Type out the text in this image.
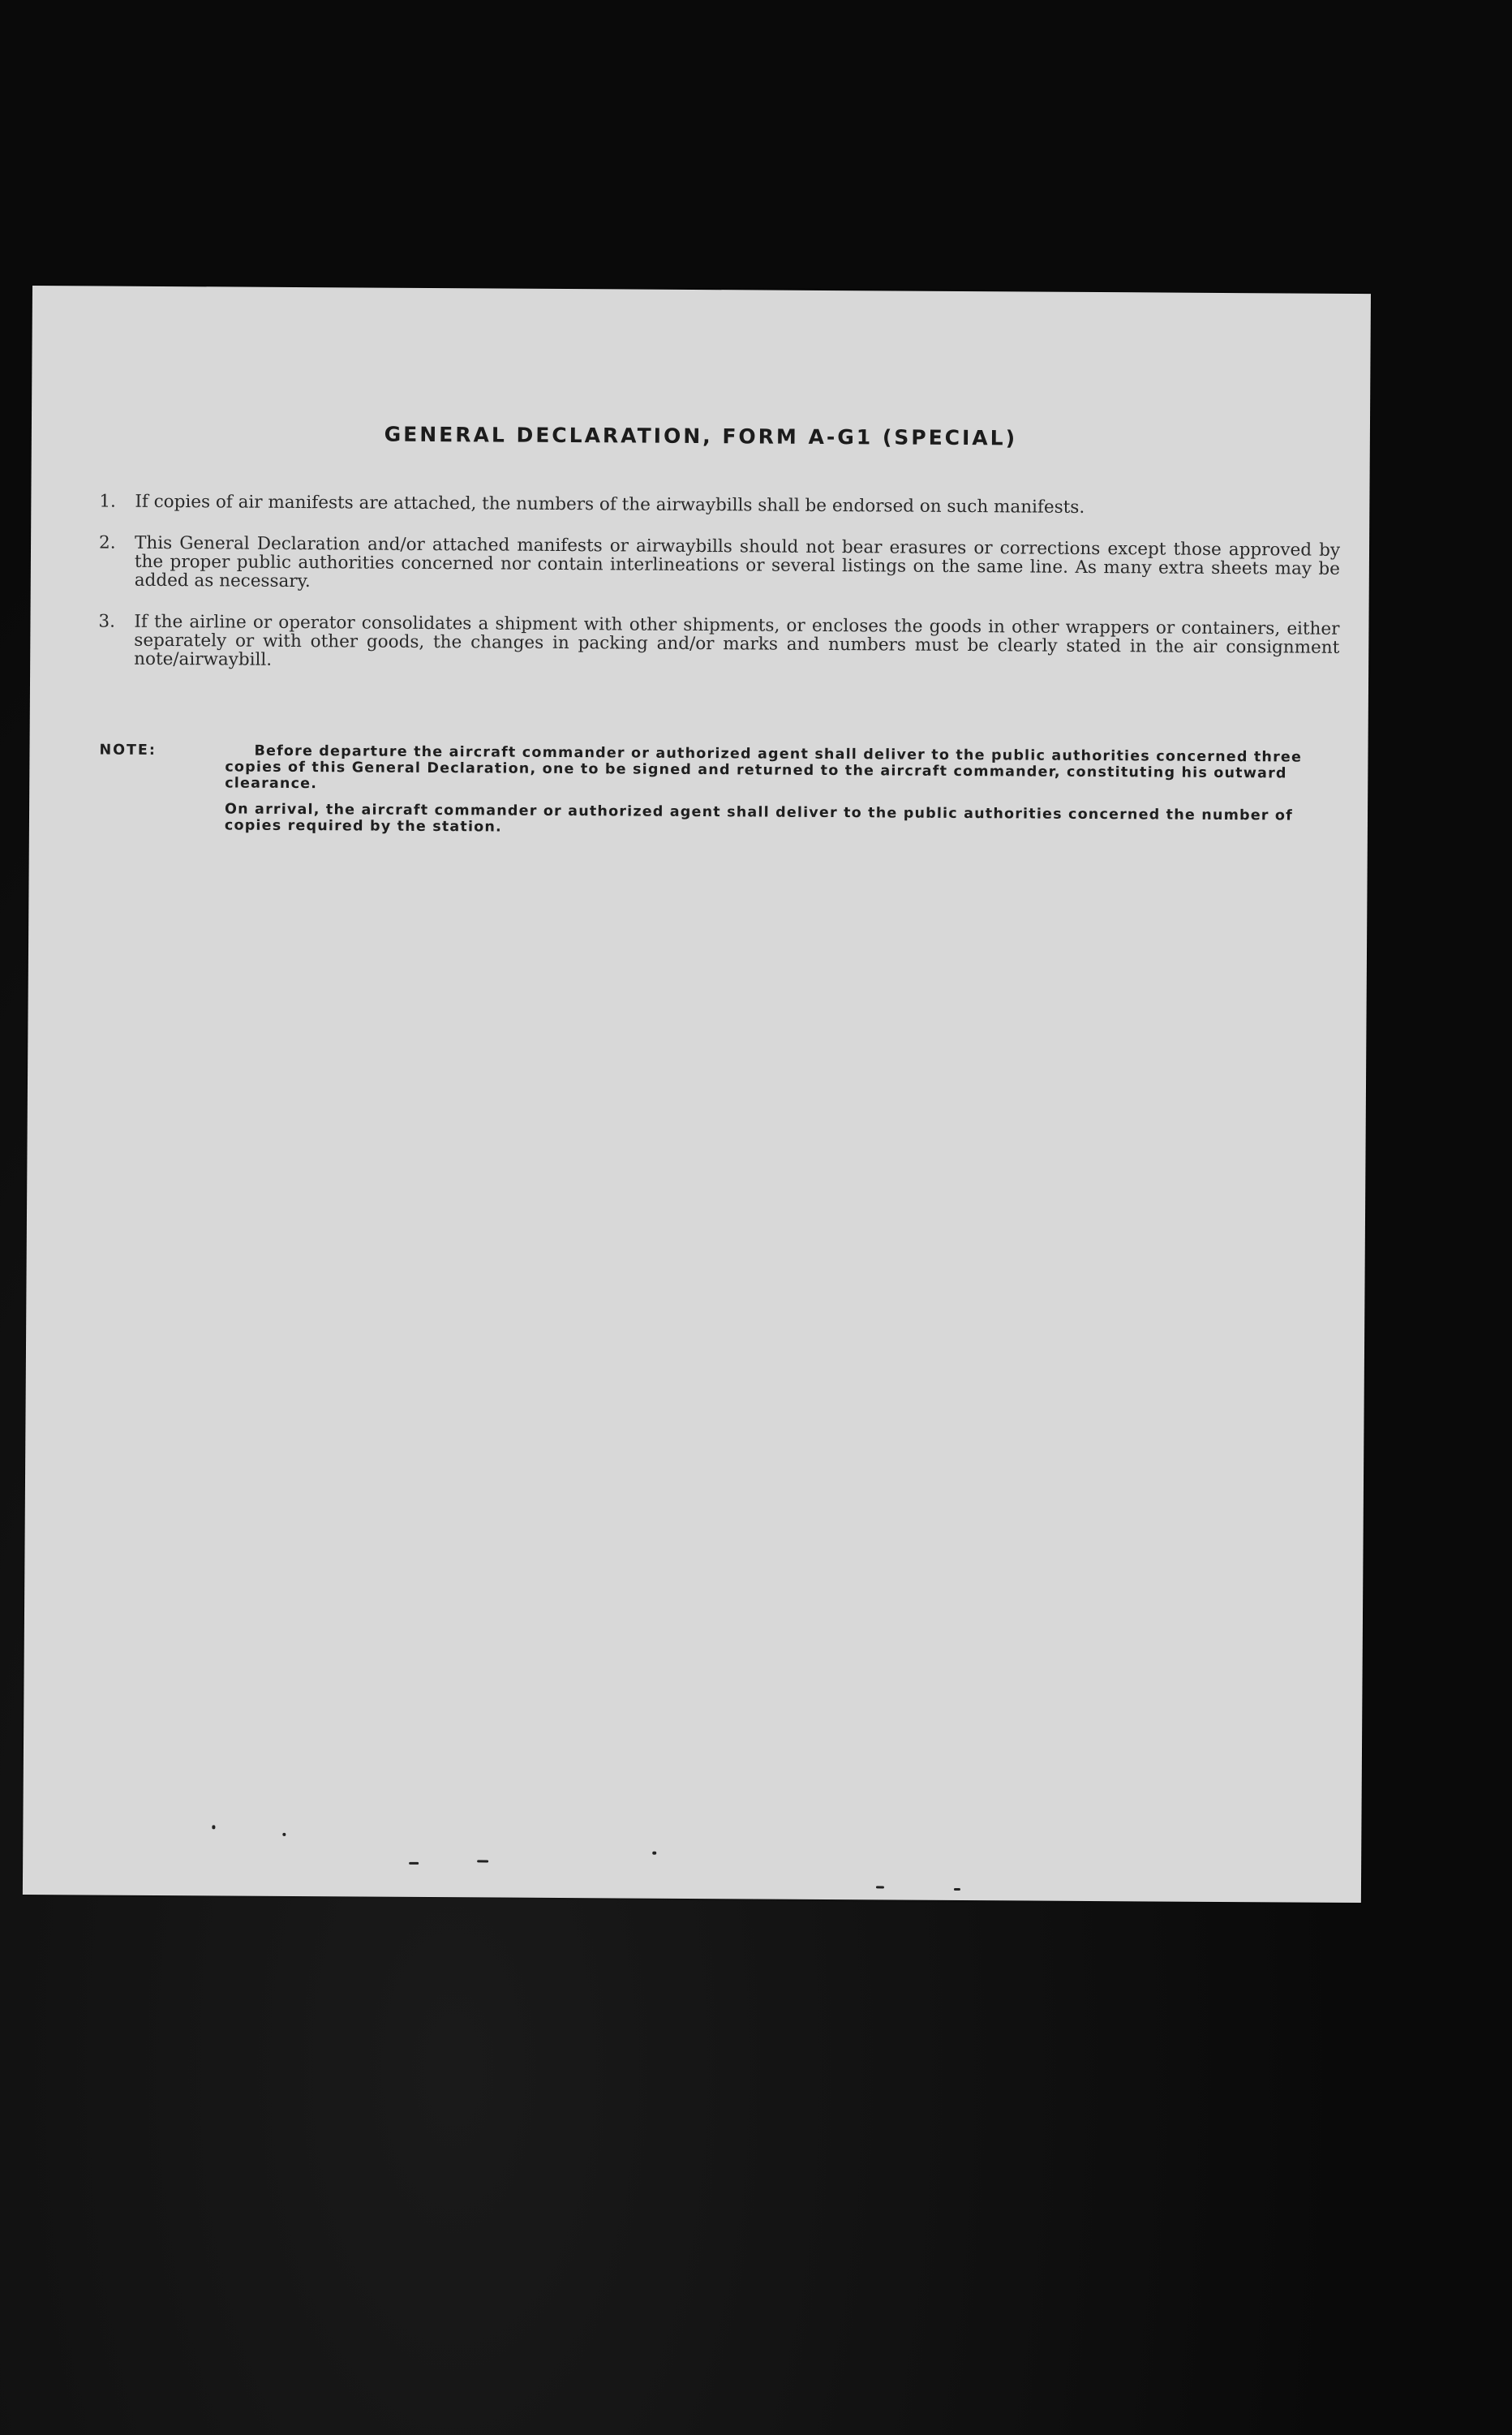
GENERAL DECLARATION, FORM A-G1 (SPECIAL)
1. If copies of air manifests are attached, the numbers of the airwaybills shall be endorsed on such manifests.
2. This General Declaration and/or attached manifests or airwaybills should not bear erasures or corrections except those approved by the proper public authorities concerned nor contain interlineations or several listings on the same line. As many extra sheets may be added as necessary.
3. If the airline or operator consolidates a shipment with other shipments, or encloses the goods in other wrappers or containers, either separately or with other goods, the changes in packing and/or marks and numbers must be clearly stated in the air consignment note/airwaybill.
NOTE:	Before departure the aircraft commander or authorized agent shall deliver to the public authorities concerned three copies of this General Declaration, one to be signed and returned to the aircraft commander, constituting his outward clearance.

On arrival, the aircraft commander or authorized agent shall deliver to the public authorities concerned the number of copies required by the station.
